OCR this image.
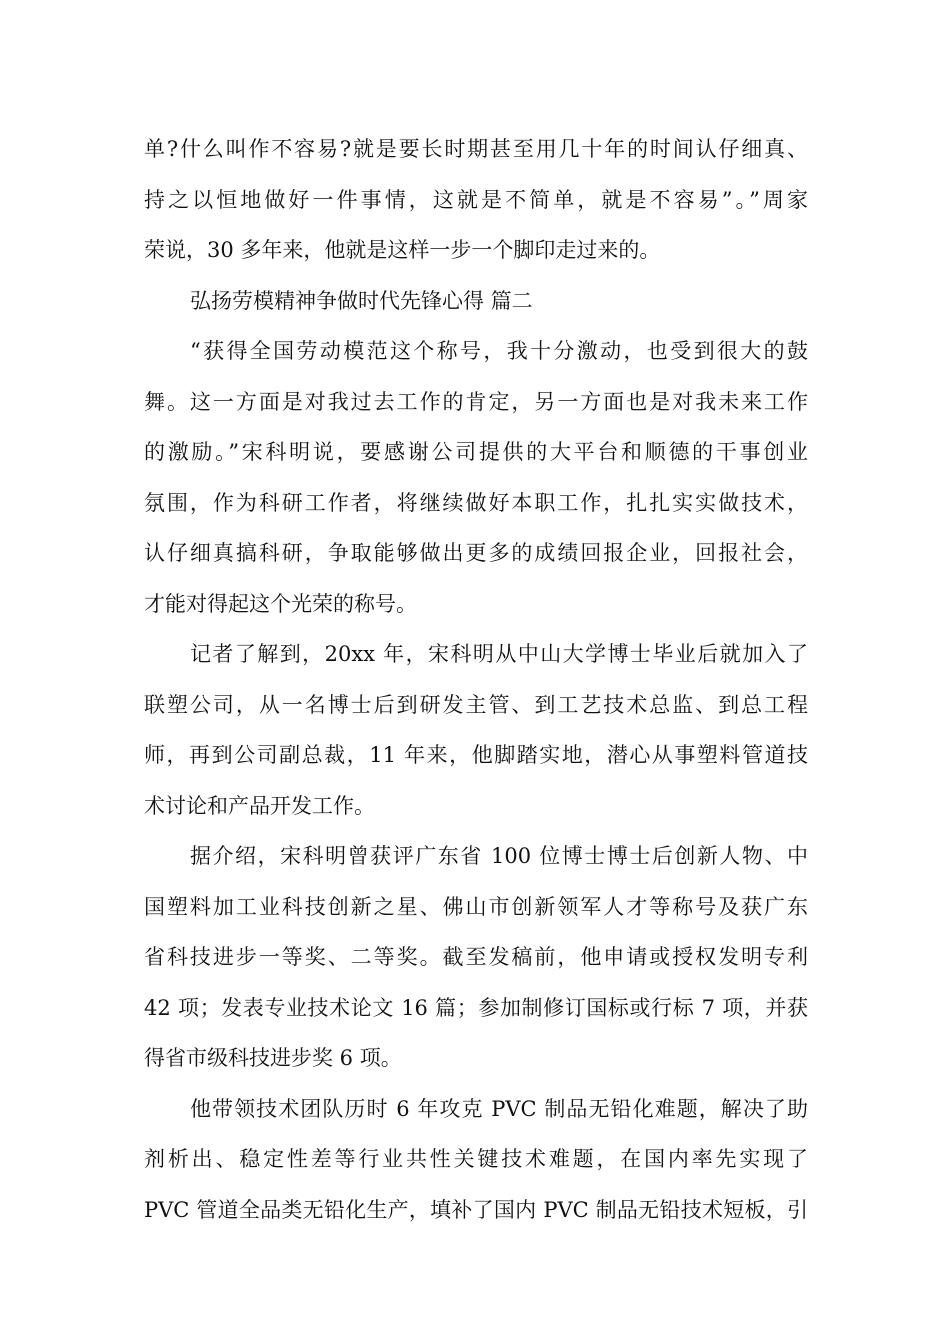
单?什么叫作不容易?就是要长时期甚至用几十年的时间认仔细真、
持之以恒地做好一件事情，这就是不简单，就是不容易”。”周家
荣说，30 多年来，他就是这样一步一个脚印走过来的。
弘扬劳模精神争做时代先锋心得 篇二
“获得全国劳动模范这个称号，我十分激动，也受到很大的鼓
舞。这一方面是对我过去工作的肯定，另一方面也是对我未来工作
的激励。”宋科明说，要感谢公司提供的大平台和顺德的干事创业
氛围，作为科研工作者，将继续做好本职工作，扎扎实实做技术，
认仔细真搞科研，争取能够做出更多的成绩回报企业，回报社会，
才能对得起这个光荣的称号。
记者了解到，20xx 年，宋科明从中山大学博士毕业后就加入了
联塑公司，从一名博士后到研发主管、到工艺技术总监、到总工程
师，再到公司副总裁，11 年来，他脚踏实地，潜心从事塑料管道技
术讨论和产品开发工作。
据介绍，宋科明曾获评广东省 100 位博士博士后创新人物、中
国塑料加工业科技创新之星、佛山市创新领军人才等称号及获广东
省科技进步一等奖、二等奖。截至发稿前，他申请或授权发明专利
42 项；发表专业技术论文 16 篇；参加制修订国标或行标 7 项，并获
得省市级科技进步奖 6 项。
他带领技术团队历时 6 年攻克 PVC 制品无铅化难题，解决了助
剂析出、稳定性差等行业共性关键技术难题，在国内率先实现了
PVC 管道全品类无铅化生产，填补了国内 PVC 制品无铅技术短板，引
